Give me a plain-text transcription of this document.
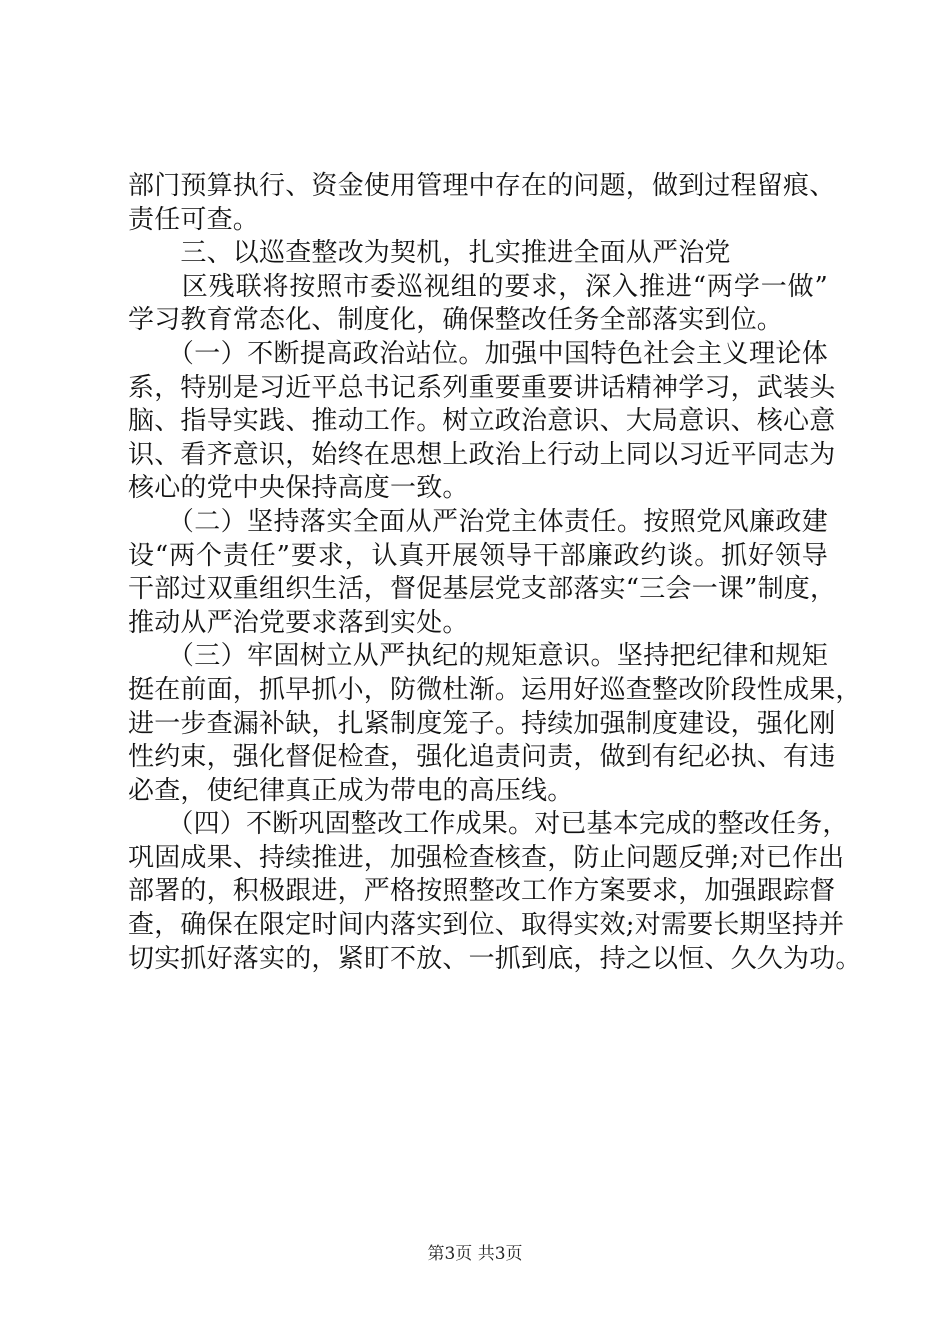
部门预算执行、资金使用管理中存在的问题，做到过程留痕、
责任可查。
　　三、以巡查整改为契机，扎实推进全面从严治党
　　区残联将按照市委巡视组的要求，深入推进“两学一做”
学习教育常态化、制度化，确保整改任务全部落实到位。
　　（一）不断提高政治站位。加强中国特色社会主义理论体
系，特别是习近平总书记系列重要重要讲话精神学习，武装头
脑、指导实践、推动工作。树立政治意识、大局意识、核心意
识、看齐意识，始终在思想上政治上行动上同以习近平同志为
核心的党中央保持高度一致。
　　（二）坚持落实全面从严治党主体责任。按照党风廉政建
设“两个责任”要求，认真开展领导干部廉政约谈。抓好领导
干部过双重组织生活，督促基层党支部落实“三会一课”制度，
推动从严治党要求落到实处。
　　（三）牢固树立从严执纪的规矩意识。坚持把纪律和规矩
挺在前面，抓早抓小，防微杜渐。运用好巡查整改阶段性成果，
进一步查漏补缺，扎紧制度笼子。持续加强制度建设，强化刚
性约束，强化督促检查，强化追责问责，做到有纪必执、有违
必查，使纪律真正成为带电的高压线。
　　（四）不断巩固整改工作成果。对已基本完成的整改任务，
巩固成果、持续推进，加强检查核查，防止问题反弹;对已作出
部署的，积极跟进，严格按照整改工作方案要求，加强跟踪督
查，确保在限定时间内落实到位、取得实效;对需要长期坚持并
切实抓好落实的，紧盯不放、一抓到底，持之以恒、久久为功。
第3页 共3页
